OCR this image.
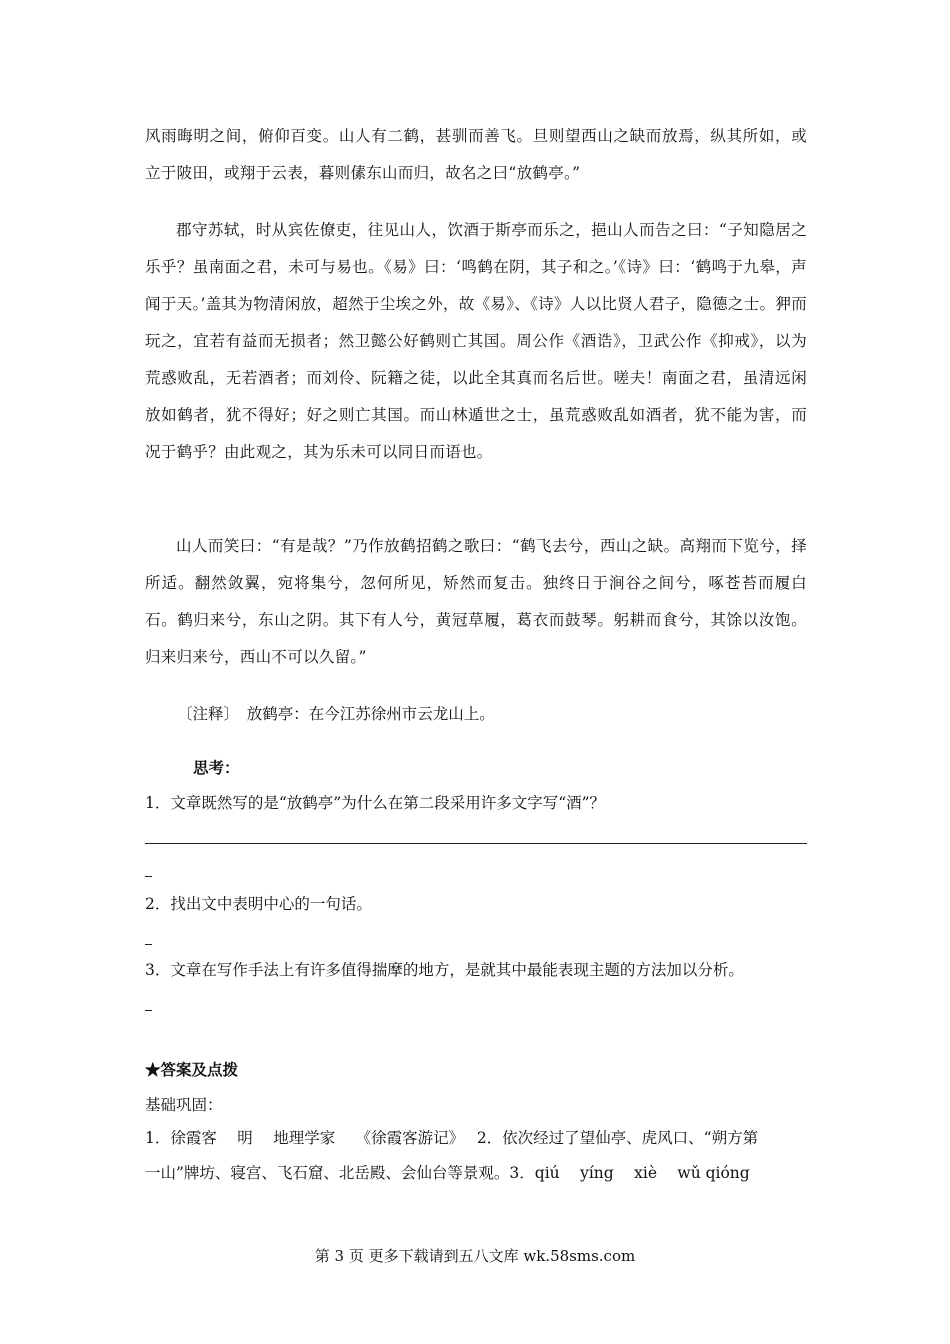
风雨晦明之间，俯仰百变。山人有二鹤，甚驯而善飞。旦则望西山之缺而放焉，纵其所如，或立于陂田，或翔于云表，暮则傃东山而归，故名之曰“放鹤亭。”

郡守苏轼，时从宾佐僚吏，往见山人，饮酒于斯亭而乐之，挹山人而告之曰：“子知隐居之乐乎？虽南面之君，未可与易也。《易》曰：‘鸣鹤在阴，其子和之。’《诗》曰：‘鹤鸣于九皋，声闻于天。’盖其为物清闲放，超然于尘埃之外，故《易》、《诗》人以比贤人君子，隐德之士。狎而玩之，宜若有益而无损者；然卫懿公好鹤则亡其国。周公作《酒诰》，卫武公作《抑戒》，以为荒惑败乱，无若酒者；而刘伶、阮籍之徒，以此全其真而名后世。嗟夫！南面之君，虽清远闲放如鹤者，犹不得好；好之则亡其国。而山林遁世之士，虽荒惑败乱如酒者，犹不能为害，而况于鹤乎？由此观之，其为乐未可以同日而语也。

山人而笑曰：“有是哉？”乃作放鹤招鹤之歌曰：“鹤飞去兮，西山之缺。高翔而下览兮，择所适。翻然敛翼，宛将集兮，忽何所见，矫然而复击。独终日于涧谷之间兮，啄苍苔而履白石。鹤归来兮，东山之阴。其下有人兮，黄冠草履，葛衣而鼓琴。躬耕而食兮，其馀以汝饱。归来归来兮，西山不可以久留。”

〔注释〕　放鹤亭：在今江苏徐州市云龙山上。
思考：
1．文章既然写的是“放鹤亭”为什么在第二段采用许多文字写“酒”？
2．找出文中表明中心的一句话。
3．文章在写作手法上有许多值得揣摩的地方，是就其中最能表现主题的方法加以分析。
★答案及点拨
基础巩固：
1．徐霞客　 明　 地理学家　 《徐霞客游记》　 2．依次经过了望仙亭、虎风口、“朔方第
一山”牌坊、寝宫、飞石窟、北岳殿、会仙台等景观。3．qiú　 yíng　 xiè　 wǔ qióng
第 3 页 更多下载请到五八文库 wk.58sms.com
